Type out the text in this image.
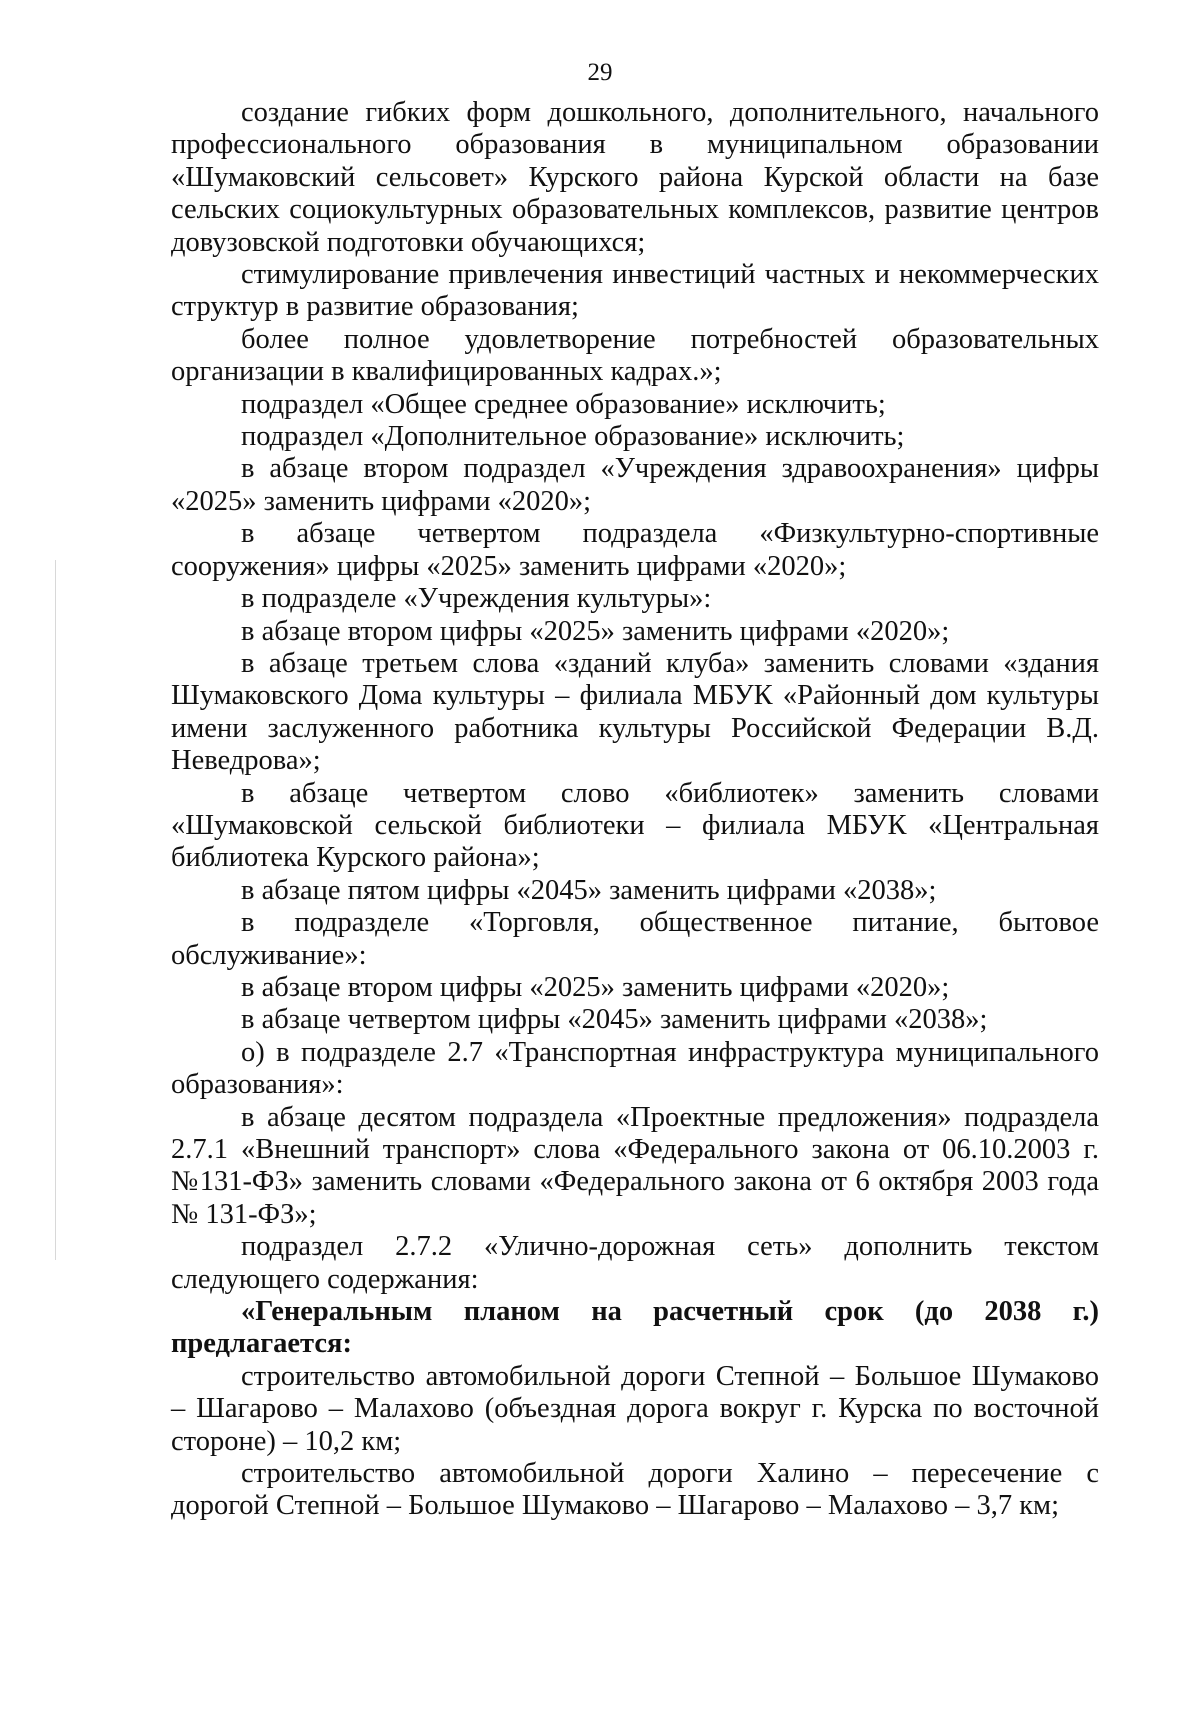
29

создание гибких форм дошкольного, дополнительного, начального профессионального образования в муниципальном образовании «Шумаковский сельсовет» Курского района Курской области на базе сельских социокультурных образовательных комплексов, развитие центров довузовской подготовки обучающихся;

стимулирование привлечения инвестиций частных и некоммерческих структур в развитие образования;

более полное удовлетворение потребностей образовательных организации в квалифицированных кадрах.»;

подраздел «Общее среднее образование» исключить;

подраздел «Дополнительное образование» исключить;

в абзаце втором подраздел «Учреждения здравоохранения» цифры «2025» заменить цифрами «2020»;

в абзаце четвертом подраздела «Физкультурно-спортивные сооружения» цифры «2025» заменить цифрами «2020»;

в подразделе «Учреждения культуры»:

в абзаце втором цифры «2025» заменить цифрами «2020»;

в абзаце третьем слова «зданий клуба» заменить словами «здания Шумаковского Дома культуры – филиала МБУК «Районный дом культуры имени заслуженного работника культуры Российской Федерации В.Д. Неведрова»;

в абзаце четвертом слово «библиотек» заменить словами «Шумаковской сельской библиотеки – филиала МБУК «Центральная библиотека Курского района»;

в абзаце пятом цифры «2045» заменить цифрами «2038»;

в подразделе «Торговля, общественное питание, бытовое обслуживание»:

в абзаце втором цифры «2025» заменить цифрами «2020»;

в абзаце четвертом цифры «2045» заменить цифрами «2038»;

о) в подразделе 2.7 «Транспортная инфраструктура муниципального образования»:

в абзаце десятом подраздела «Проектные предложения» подраздела 2.7.1 «Внешний транспорт» слова «Федерального закона от 06.10.2003 г. №131-ФЗ» заменить словами «Федерального закона от 6 октября 2003 года № 131-ФЗ»;

подраздел 2.7.2 «Улично-дорожная сеть» дополнить текстом следующего содержания:

«Генеральным планом на расчетный срок (до 2038 г.) предлагается:

строительство автомобильной дороги Степной – Большое Шумаково – Шагарово – Малахово (объездная дорога вокруг г. Курска по восточной стороне) – 10,2 км;

строительство автомобильной дороги Халино – пересечение с дорогой Степной – Большое Шумаково – Шагарово – Малахово – 3,7 км;
